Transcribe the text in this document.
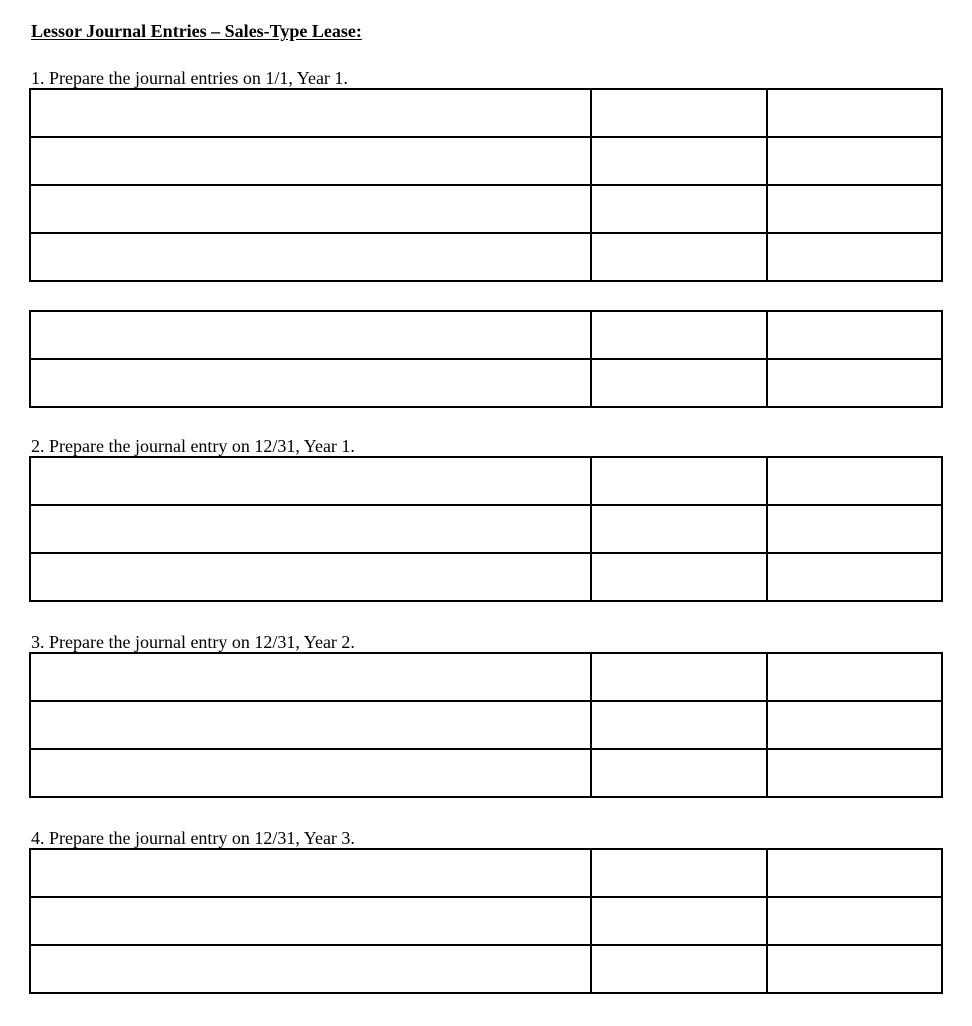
Lessor Journal Entries – Sales-Type Lease:
1. Prepare the journal entries on 1/1, Year 1.

2. Prepare the journal entry on 12/31, Year 1.

3. Prepare the journal entry on 12/31, Year 2.

4. Prepare the journal entry on 12/31, Year 3.
